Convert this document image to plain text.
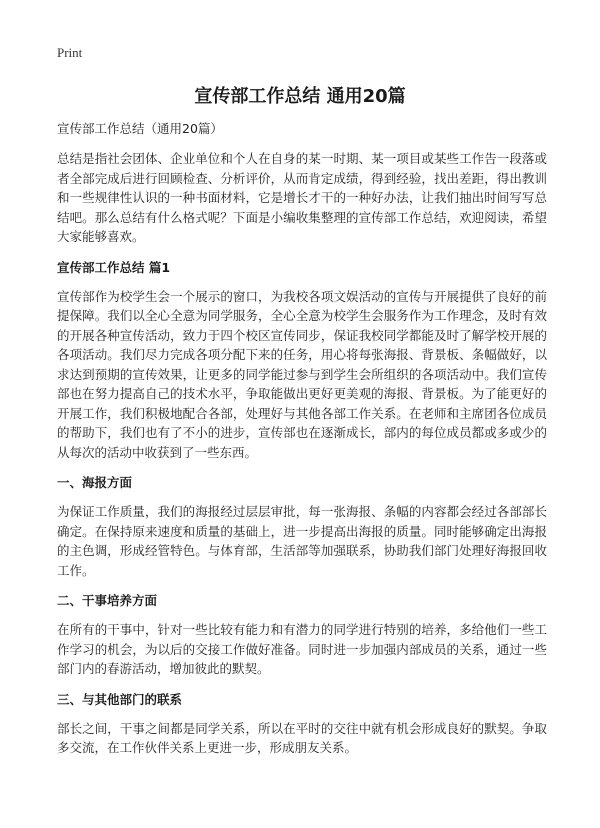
Print
宣传部工作总结 通用20篇

宣传部工作总结（通用20篇）

总结是指社会团体、企业单位和个人在自身的某一时期、某一项目或某些工作告一段落或者全部完成后进行回顾检查、分析评价，从而肯定成绩，得到经验，找出差距，得出教训和一些规律性认识的一种书面材料，它是增长才干的一种好办法，让我们抽出时间写写总结吧。那么总结有什么格式呢？下面是小编收集整理的宣传部工作总结，欢迎阅读，希望大家能够喜欢。

宣传部工作总结 篇1

宣传部作为校学生会一个展示的窗口，为我校各项文娱活动的宣传与开展提供了良好的前提保障。我们以全心全意为同学服务，全心全意为校学生会服务作为工作理念，及时有效的开展各种宣传活动，致力于四个校区宣传同步，保证我校同学都能及时了解学校开展的各项活动。我们尽力完成各项分配下来的任务，用心将每张海报、背景板、条幅做好，以求达到预期的宣传效果，让更多的同学能过参与到学生会所组织的各项活动中。我们宣传部也在努力提高自己的技术水平，争取能做出更好更美观的海报、背景板。为了能更好的开展工作，我们积极地配合各部，处理好与其他各部工作关系。在老师和主席团各位成员的帮助下，我们也有了不小的进步，宣传部也在逐渐成长，部内的每位成员都或多或少的从每次的活动中收获到了一些东西。

一、海报方面

为保证工作质量，我们的海报经过层层审批，每一张海报、条幅的内容都会经过各部部长确定。在保持原来速度和质量的基础上，进一步提高出海报的质量。同时能够确定出海报的主色调，形成经管特色。与体育部，生活部等加强联系，协助我们部门处理好海报回收工作。

二、干事培养方面

在所有的干事中，针对一些比较有能力和有潜力的同学进行特别的培养，多给他们一些工作学习的机会，为以后的交接工作做好准备。同时进一步加强内部成员的关系，通过一些部门内的春游活动，增加彼此的默契。

三、与其他部门的联系

部长之间，干事之间都是同学关系，所以在平时的交往中就有机会形成良好的默契。争取多交流，在工作伙伴关系上更进一步，形成朋友关系。
